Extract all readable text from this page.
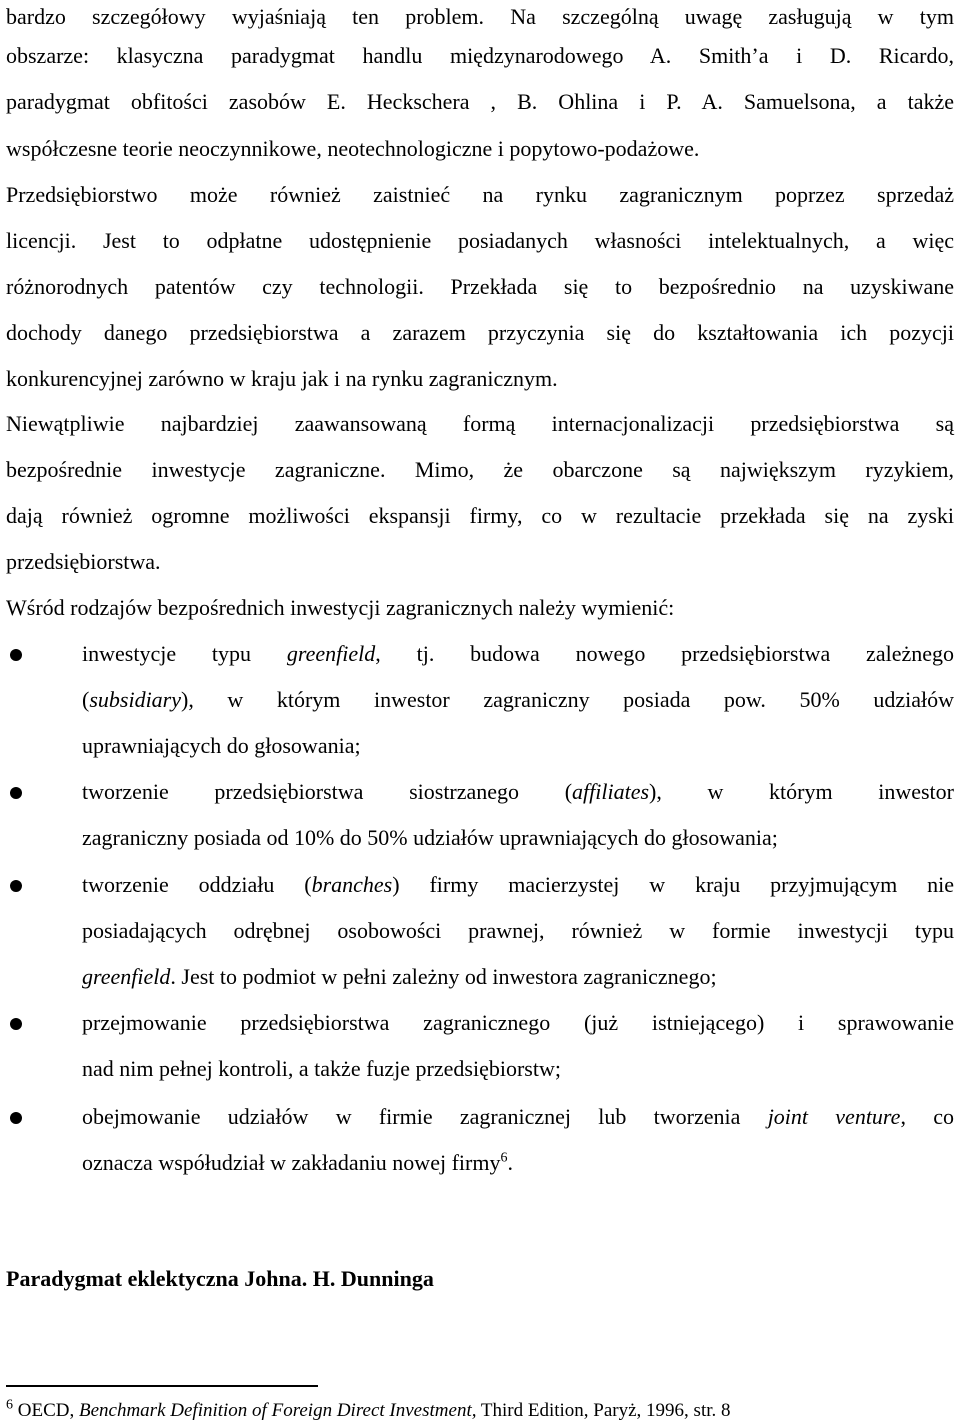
bardzo szczegółowy wyjaśniają ten problem. Na szczególną uwagę zasługują w tym
obszarze: klasyczna paradygmat handlu międzynarodowego A. Smith’a i D. Ricardo,
paradygmat obfitości zasobów E. Heckschera , B. Ohlina i P. A. Samuelsona, a także
współczesne teorie neoczynnikowe, neotechnologiczne i popytowo-podażowe.
Przedsiębiorstwo może również zaistnieć na rynku zagranicznym poprzez sprzedaż
licencji. Jest to odpłatne udostępnienie posiadanych własności intelektualnych, a więc
różnorodnych patentów czy technologii. Przekłada się to bezpośrednio na uzyskiwane
dochody danego przedsiębiorstwa a zarazem przyczynia się do kształtowania ich pozycji
konkurencyjnej zarówno w kraju jak i na rynku zagranicznym.
Niewątpliwie najbardziej zaawansowaną formą internacjonalizacji przedsiębiorstwa są
bezpośrednie inwestycje zagraniczne. Mimo, że obarczone są największym ryzykiem,
dają również ogromne możliwości ekspansji firmy, co w rezultacie przekłada się na zyski
przedsiębiorstwa.
Wśród rodzajów bezpośrednich inwestycji zagranicznych należy wymienić:
inwestycje typu greenfield, tj. budowa nowego przedsiębiorstwa zależnego
(subsidiary), w którym inwestor zagraniczny posiada pow. 50% udziałów
uprawniających do głosowania;
tworzenie przedsiębiorstwa siostrzanego (affiliates), w którym inwestor
zagraniczny posiada od 10% do 50% udziałów uprawniających do głosowania;
tworzenie oddziału (branches) firmy macierzystej w kraju przyjmującym nie
posiadających odrębnej osobowości prawnej, również w formie inwestycji typu
greenfield. Jest to podmiot w pełni zależny od inwestora zagranicznego;
przejmowanie przedsiębiorstwa zagranicznego (już istniejącego) i sprawowanie
nad nim pełnej kontroli, a także fuzje przedsiębiorstw;
obejmowanie udziałów w firmie zagranicznej lub tworzenia joint venture, co
oznacza współudział w zakładaniu nowej firmy$^6$.
Paradygmat eklektyczna Johna. H. Dunninga
$^6$ OECD, Benchmark Definition of Foreign Direct Investment, Third Edition, Paryż, 1996, str. 8
